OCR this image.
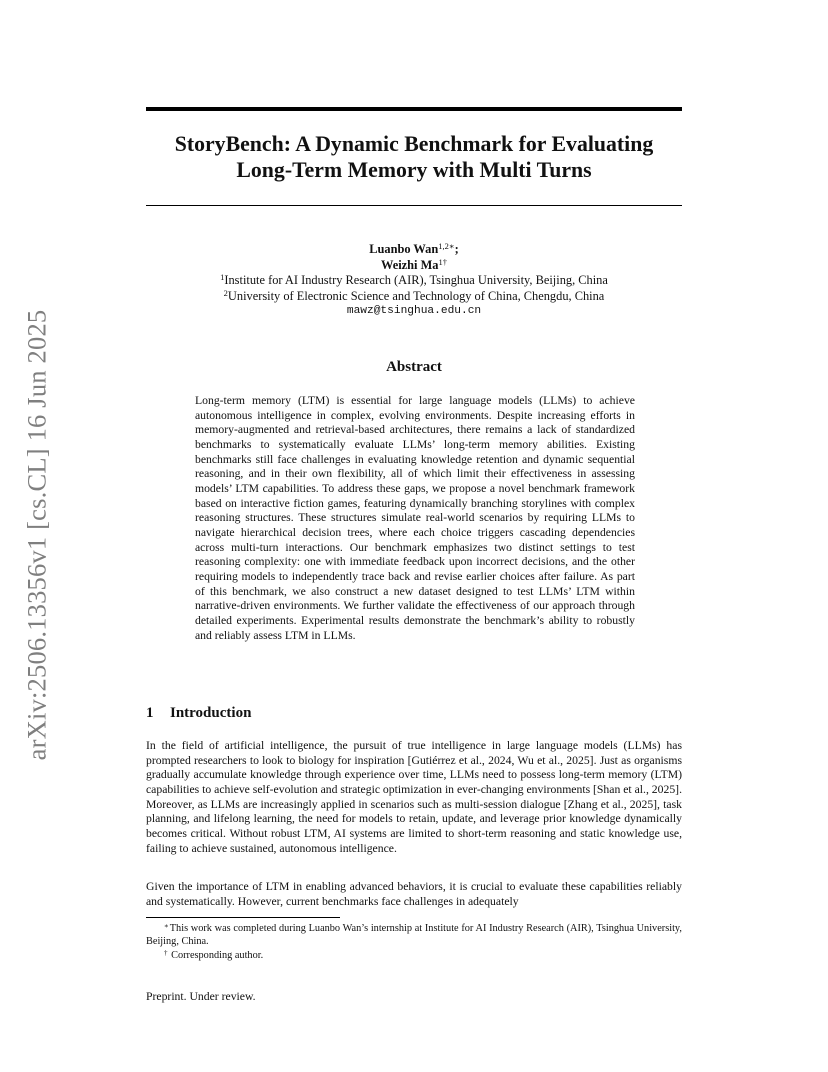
arXiv:2506.13356v1 [cs.CL] 16 Jun 2025
StoryBench: A Dynamic Benchmark for Evaluating
Long-Term Memory with Multi Turns
Luanbo Wan$^{1,2∗}$;
Weizhi $Ma^{1\dagger}$
$^1$Institute for AI Industry Research (AIR), Tsinghua University, Beijing, China
$^2$University of Electronic Science and Technology of China, Chengdu, China
mawz@tsinghua.edu.cn
Abstract

Long-term memory (LTM) is essential for large language models (LLMs) to achieve autonomous intelligence in complex, evolving environments. Despite increasing efforts in memory-augmented and retrieval-based architectures, there remains a lack of standardized benchmarks to systematically evaluate LLMs’ long-term memory abilities. Existing benchmarks still face challenges in evaluating knowledge retention and dynamic sequential reasoning, and in their own flexibility, all of which limit their effectiveness in assessing models’ LTM capabilities. To address these gaps, we propose a novel benchmark framework based on interactive fiction games, featuring dynamically branching storylines with complex reasoning structures. These structures simulate real-world scenarios by requiring LLMs to navigate hierarchical decision trees, where each choice triggers cascading dependencies across multi-turn interactions. Our benchmark emphasizes two distinct settings to test reasoning complexity: one with immediate feedback upon incorrect decisions, and the other requiring models to independently trace back and revise earlier choices after failure. As part of this benchmark, we also construct a new dataset designed to test LLMs’ LTM within narrative-driven environments. We further validate the effectiveness of our approach through detailed experiments. Experimental results demonstrate the benchmark’s ability to robustly and reliably assess LTM in LLMs.

1 Introduction

In the field of artificial intelligence, the pursuit of true intelligence in large language models (LLMs) has prompted researchers to look to biology for inspiration [Gutiérrez et al., 2024, Wu et al., 2025]. Just as organisms gradually accumulate knowledge through experience over time, LLMs need to possess long-term memory (LTM) capabilities to achieve self-evolution and strategic optimization in ever-changing environments [Shan et al., 2025]. Moreover, as LLMs are increasingly applied in scenarios such as multi-session dialogue [Zhang et al., 2025], task planning, and lifelong learning, the need for models to retain, update, and leverage prior knowledge dynamically becomes critical. Without robust LTM, AI systems are limited to short-term reasoning and static knowledge use, failing to achieve sustained, autonomous intelligence.

Given the importance of LTM in enabling advanced behaviors, it is crucial to evaluate these capabilities reliably and systematically. However, current benchmarks face challenges in adequately

∗This work was completed during Luanbo Wan’s internship at Institute for AI Industry Research (AIR), Tsinghua University, Beijing, China.

† Corresponding author.

Preprint. Under review.
